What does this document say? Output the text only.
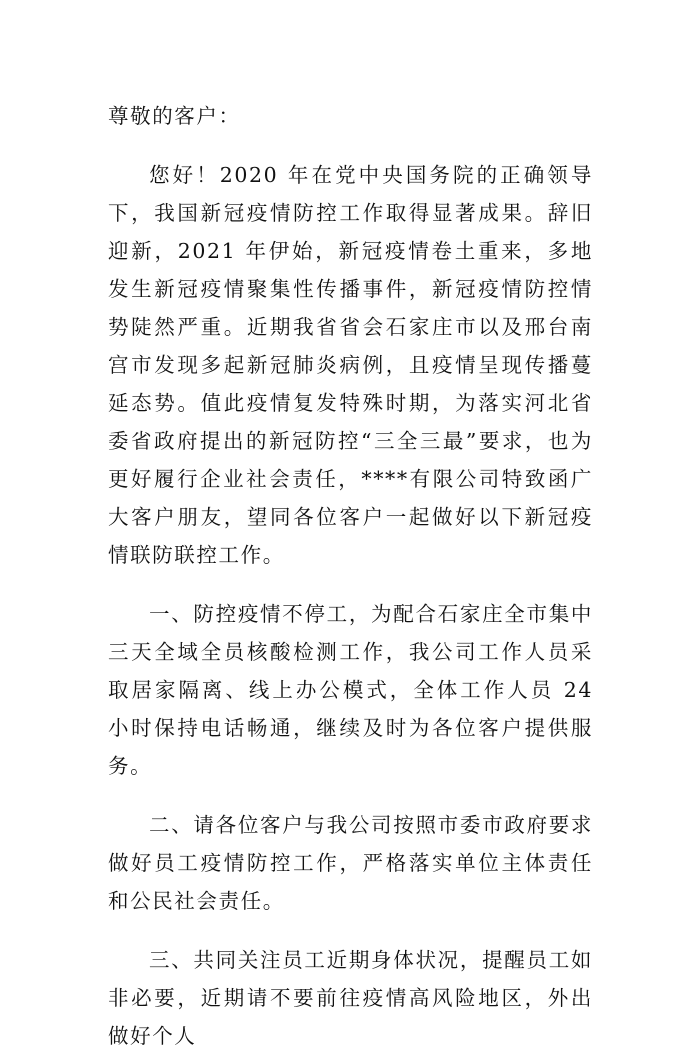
尊敬的客户：

您好！2020 年在党中央国务院的正确领导下，我国新冠疫情防控工作取得显著成果。辞旧迎新，2021 年伊始，新冠疫情卷土重来，多地发生新冠疫情聚集性传播事件，新冠疫情防控情势陡然严重。近期我省省会石家庄市以及邢台南宫市发现多起新冠肺炎病例，且疫情呈现传播蔓延态势。值此疫情复发特殊时期，为落实河北省委省政府提出的新冠防控“三全三最”要求，也为更好履行企业社会责任，****有限公司特致函广大客户朋友，望同各位客户一起做好以下新冠疫情联防联控工作。

一、防控疫情不停工，为配合石家庄全市集中三天全域全员核酸检测工作，我公司工作人员采取居家隔离、线上办公模式，全体工作人员 24 小时保持电话畅通，继续及时为各位客户提供服务。

二、请各位客户与我公司按照市委市政府要求做好员工疫情防控工作，严格落实单位主体责任和公民社会责任。

三、共同关注员工近期身体状况，提醒员工如非必要，近期请不要前往疫情高风险地区，外出做好个人
